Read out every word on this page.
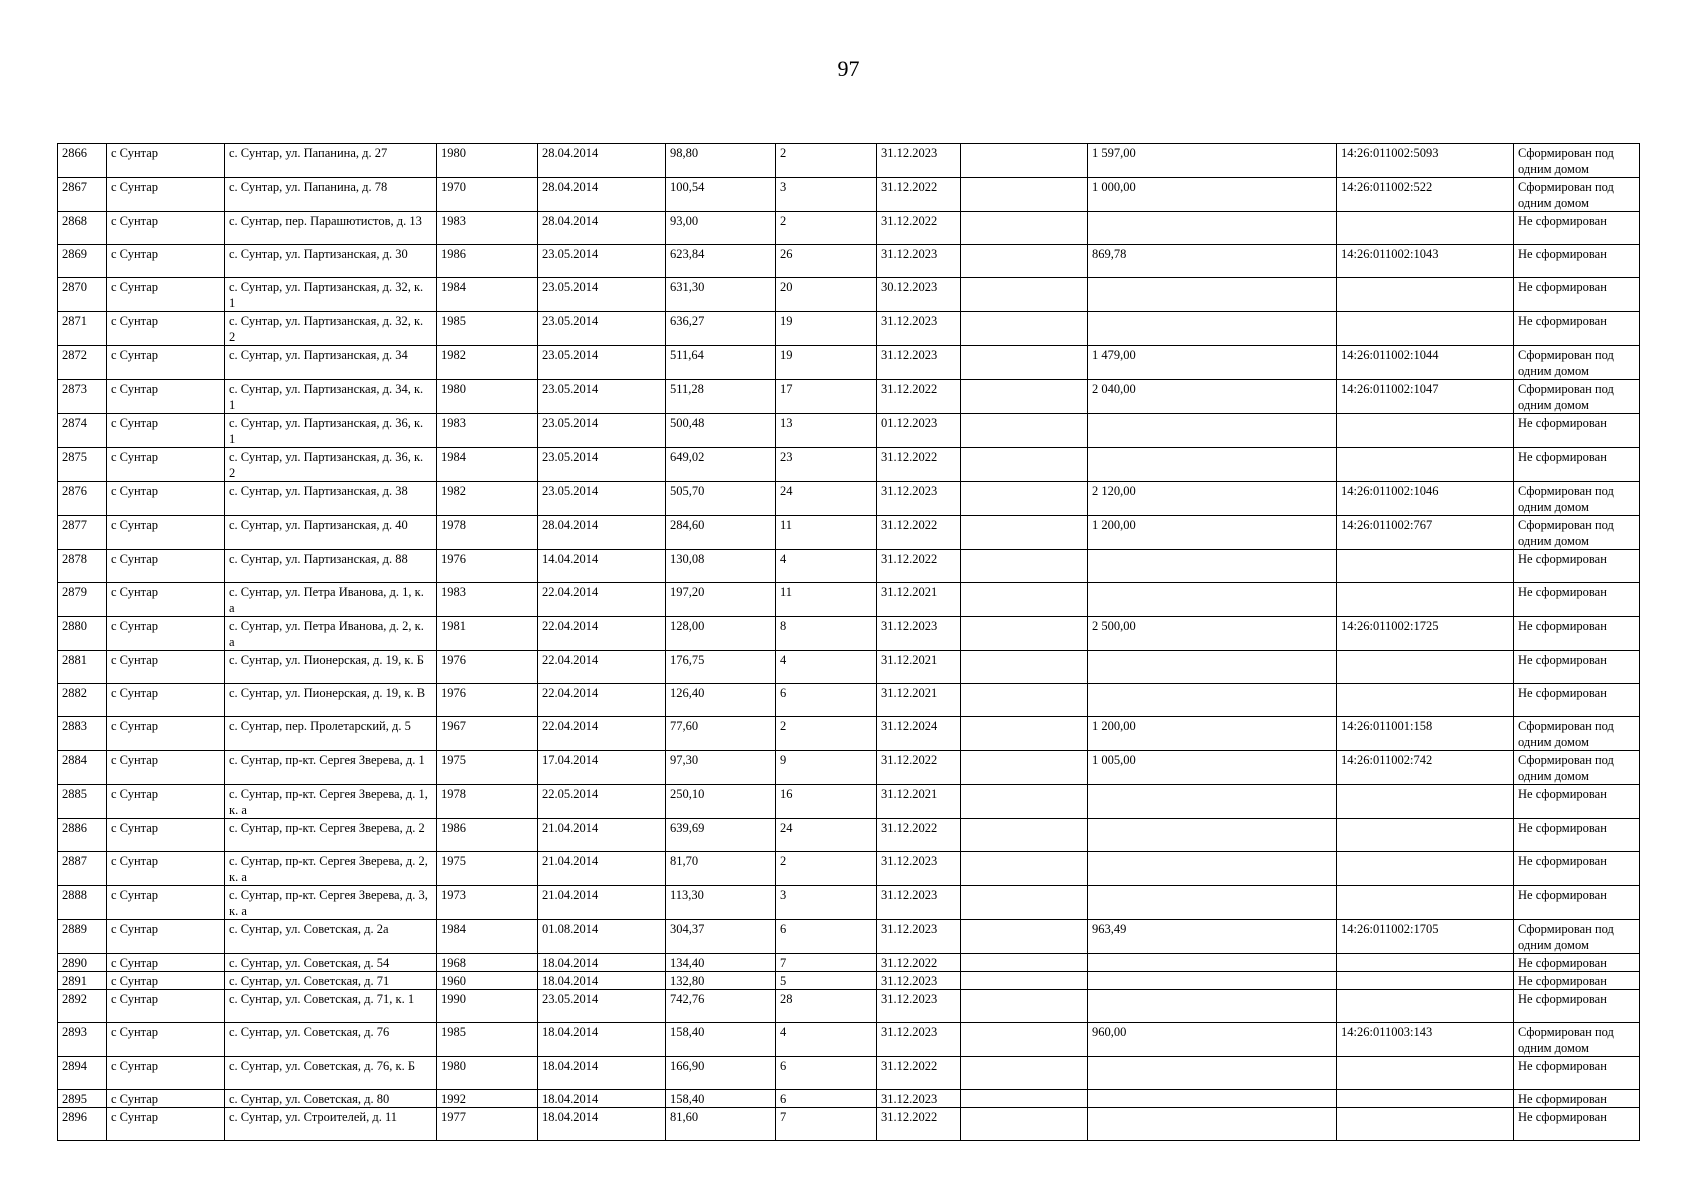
97
2866	с Сунтар	с. Сунтар, ул. Папанина, д. 27	1980	28.04.2014	98,80	2	31.12.2023		1 597,00	14:26:011002:5093	Сформирован под одним домом
2867	с Сунтар	с. Сунтар, ул. Папанина, д. 78	1970	28.04.2014	100,54	3	31.12.2022		1 000,00	14:26:011002:522	Сформирован под одним домом
2868	с Сунтар	с. Сунтар, пер. Парашютистов, д. 13	1983	28.04.2014	93,00	2	31.12.2022				Не сформирован
2869	с Сунтар	с. Сунтар, ул. Партизанская, д. 30	1986	23.05.2014	623,84	26	31.12.2023		869,78	14:26:011002:1043	Не сформирован
2870	с Сунтар	с. Сунтар, ул. Партизанская, д. 32, к. 1	1984	23.05.2014	631,30	20	30.12.2023				Не сформирован
2871	с Сунтар	с. Сунтар, ул. Партизанская, д. 32, к. 2	1985	23.05.2014	636,27	19	31.12.2023				Не сформирован
2872	с Сунтар	с. Сунтар, ул. Партизанская, д. 34	1982	23.05.2014	511,64	19	31.12.2023		1 479,00	14:26:011002:1044	Сформирован под одним домом
2873	с Сунтар	с. Сунтар, ул. Партизанская, д. 34, к. 1	1980	23.05.2014	511,28	17	31.12.2022		2 040,00	14:26:011002:1047	Сформирован под одним домом
2874	с Сунтар	с. Сунтар, ул. Партизанская, д. 36, к. 1	1983	23.05.2014	500,48	13	01.12.2023				Не сформирован
2875	с Сунтар	с. Сунтар, ул. Партизанская, д. 36, к. 2	1984	23.05.2014	649,02	23	31.12.2022				Не сформирован
2876	с Сунтар	с. Сунтар, ул. Партизанская, д. 38	1982	23.05.2014	505,70	24	31.12.2023		2 120,00	14:26:011002:1046	Сформирован под одним домом
2877	с Сунтар	с. Сунтар, ул. Партизанская, д. 40	1978	28.04.2014	284,60	11	31.12.2022		1 200,00	14:26:011002:767	Сформирован под одним домом
2878	с Сунтар	с. Сунтар, ул. Партизанская, д. 88	1976	14.04.2014	130,08	4	31.12.2022				Не сформирован
2879	с Сунтар	с. Сунтар, ул. Петра Иванова, д. 1, к. а	1983	22.04.2014	197,20	11	31.12.2021				Не сформирован
2880	с Сунтар	с. Сунтар, ул. Петра Иванова, д. 2, к. а	1981	22.04.2014	128,00	8	31.12.2023		2 500,00	14:26:011002:1725	Не сформирован
2881	с Сунтар	с. Сунтар, ул. Пионерская, д. 19, к. Б	1976	22.04.2014	176,75	4	31.12.2021				Не сформирован
2882	с Сунтар	с. Сунтар, ул. Пионерская, д. 19, к. В	1976	22.04.2014	126,40	6	31.12.2021				Не сформирован
2883	с Сунтар	с. Сунтар, пер. Пролетарский, д. 5	1967	22.04.2014	77,60	2	31.12.2024		1 200,00	14:26:011001:158	Сформирован под одним домом
2884	с Сунтар	с. Сунтар, пр-кт. Сергея Зверева, д. 1	1975	17.04.2014	97,30	9	31.12.2022		1 005,00	14:26:011002:742	Сформирован под одним домом
2885	с Сунтар	с. Сунтар, пр-кт. Сергея Зверева, д. 1, к. а	1978	22.05.2014	250,10	16	31.12.2021				Не сформирован
2886	с Сунтар	с. Сунтар, пр-кт. Сергея Зверева, д. 2	1986	21.04.2014	639,69	24	31.12.2022				Не сформирован
2887	с Сунтар	с. Сунтар, пр-кт. Сергея Зверева, д. 2, к. а	1975	21.04.2014	81,70	2	31.12.2023				Не сформирован
2888	с Сунтар	с. Сунтар, пр-кт. Сергея Зверева, д. 3, к. а	1973	21.04.2014	113,30	3	31.12.2023				Не сформирован
2889	с Сунтар	с. Сунтар, ул. Советская, д. 2а	1984	01.08.2014	304,37	6	31.12.2023		963,49	14:26:011002:1705	Сформирован под одним домом
2890	с Сунтар	с. Сунтар, ул. Советская, д. 54	1968	18.04.2014	134,40	7	31.12.2022				Не сформирован
2891	с Сунтар	с. Сунтар, ул. Советская, д. 71	1960	18.04.2014	132,80	5	31.12.2023				Не сформирован
2892	с Сунтар	с. Сунтар, ул. Советская, д. 71, к. 1	1990	23.05.2014	742,76	28	31.12.2023				Не сформирован
2893	с Сунтар	с. Сунтар, ул. Советская, д. 76	1985	18.04.2014	158,40	4	31.12.2023		960,00	14:26:011003:143	Сформирован под одним домом
2894	с Сунтар	с. Сунтар, ул. Советская, д. 76, к. Б	1980	18.04.2014	166,90	6	31.12.2022				Не сформирован
2895	с Сунтар	с. Сунтар, ул. Советская, д. 80	1992	18.04.2014	158,40	6	31.12.2023				Не сформирован
2896	с Сунтар	с. Сунтар, ул. Строителей, д. 11	1977	18.04.2014	81,60	7	31.12.2022				Не сформирован
